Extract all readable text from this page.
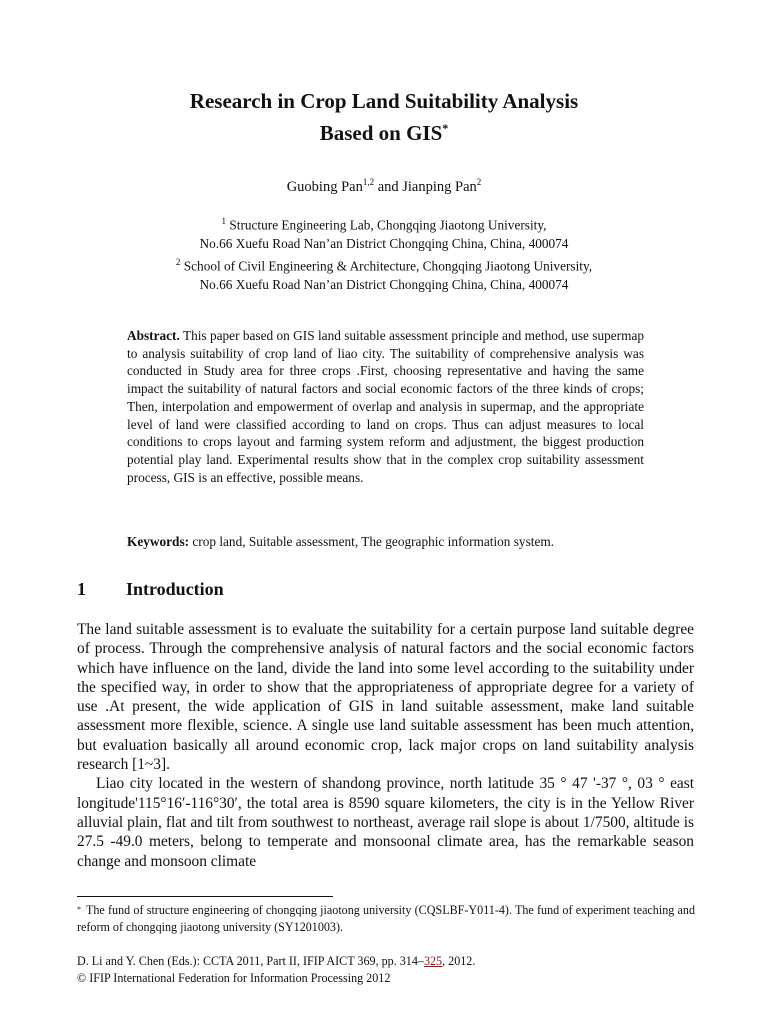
Research in Crop Land Suitability Analysis
Based on GIS*
Guobing Pan$^{1,2}$ and Jianping Pan$^2$
$^1$ Structure Engineering Lab, Chongqing Jiaotong University,
No.66 Xuefu Road Nan’an District Chongqing China, China, 400074
$^2$ School of Civil Engineering & Architecture, Chongqing Jiaotong University,
No.66 Xuefu Road Nan’an District Chongqing China, China, 400074
Abstract. This paper based on GIS land suitable assessment principle and method, use supermap to analysis suitability of crop land of liao city. The suitability of comprehensive analysis was conducted in Study area for three crops .First, choosing representative and having the same impact the suitability of natural factors and social economic factors of the three kinds of crops; Then, interpolation and empowerment of overlap and analysis in supermap, and the appropriate level of land were classified according to land on crops. Thus can adjust measures to local conditions to crops layout and farming system reform and adjustment, the biggest production potential play land. Experimental results show that in the complex crop suitability assessment process, GIS is an effective, possible means.
Keywords: crop land, Suitable assessment, The geographic information system.
1 Introduction

The land suitable assessment is to evaluate the suitability for a certain purpose land suitable degree of process. Through the comprehensive analysis of natural factors and the social economic factors which have influence on the land, divide the land into some level according to the suitability under the specified way, in order to show that the appropriateness of appropriate degree for a variety of use .At present, the wide application of GIS in land suitable assessment, make land suitable assessment more flexible, science. A single use land suitable assessment has been much attention, but evaluation basically all around economic crop, lack major crops on land suitability analysis research [1~3].

Liao city located in the western of shandong province, north latitude 35 ° 47 '-37 °, 03 ° east longitude'115°16′-116°30′, the total area is 8590 square kilometers, the city is in the Yellow River alluvial plain, flat and tilt from southwest to northeast, average rail slope is about 1/7500, altitude is 27.5 -49.0 meters, belong to temperate and monsoonal climate area, has the remarkable season change and monsoon climate

* The fund of structure engineering of chongqing jiaotong university (CQSLBF-Y011-4). The fund of experiment teaching and reform of chongqing jiaotong university (SY1201003).
D. Li and Y. Chen (Eds.): CCTA 2011, Part II, IFIP AICT 369, pp. 314–325, 2012.
© IFIP International Federation for Information Processing 2012
